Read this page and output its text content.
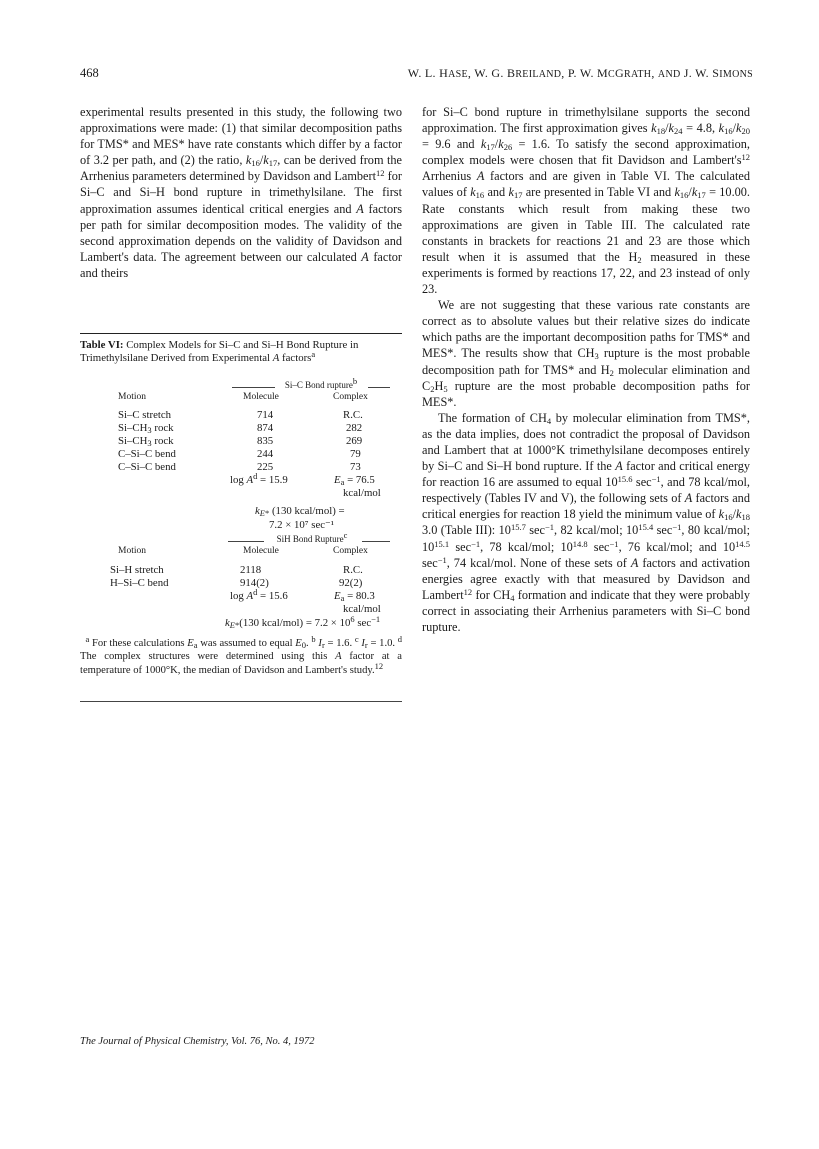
468	W. L. HASE, W. G. BREILAND, P. W. MCGRATH, AND J. W. SIMONS

experimental results presented in this study, the following two approximations were made: (1) that similar decomposition paths for TMS* and MES* have rate constants which differ by a factor of 3.2 per path, and (2) the ratio, $k_{16}/k_{17}$, can be derived from the Arrhenius parameters determined by Davidson and Lambert$^{12}$ for Si–C and Si–H bond rupture in trimethylsilane. The first approximation assumes identical critical energies and A factors per path for similar decomposition modes. The validity of the second approximation depends on the validity of Davidson and Lambert's data. The agreement between our calculated A factor and theirs

Table VI: Complex Models for Si–C and Si–H Bond Rupture in Trimethylsilane Derived from Experimental A factors$^a$
Si–C Bond rupture$^b$
Motion	Molecule	Complex
Si–C stretch	714	R.C.
$Si-CH_3$ rock	874	282
$Si-CH_3$ rock	835	269
C–Si–C bend	244	79
C–Si–C bend	225	73
$\log A^d = 15.9$	$E_a = 76.5$
kcal/mol
$k_{E*}$ (130 kcal/mol) =
7.2 × 10⁷ sec⁻¹
SiH Bond Rupture$^c$
Motion	Molecule	Complex
Si–H stretch	2118	R.C.
H–Si–C bend	914(2)	92(2)
$\log A^d = 15.6$	$E_a = 80.3$
kcal/mol
$k_{E*}(130$ kcal/mol) = $7.2 \times 10^6$ $\sec^{-1}$
$^a$ For these calculations $E_a$ was assumed to equal $E_0$. $^b$ $I_r = 1.6$. $^c$ $I_r = 1.0$. $^d$ The complex structures were determined using this A factor at a temperature of 1000°K, the median of Davidson and Lambert's study.$^{12}$

for Si–C bond rupture in trimethylsilane supports the second approximation. The first approximation gives $k_{18}/k_{24} = 4.8$, $k_{16}/k_{20} = 9.6$ and $k_{17}/k_{26} = 1.6$. To satisfy the second approximation, complex models were chosen that fit Davidson and $Lambert's^{12}$ Arrhenius A factors and are given in Table VI. The calculated values of $k_{16}$ and $k_{17}$ are presented in Table VI and $k_{16}/k_{17} = 10.00$. Rate constants which result from making these two approximations are given in Table III. The calculated rate constants in brackets for reactions 21 and 23 are those which result when it is assumed that the $H_2$ measured in these experiments is formed by reactions 17, 22, and 23 instead of only 23.

We are not suggesting that these various rate constants are correct as to absolute values but their relative sizes do indicate which paths are the important decomposition paths for TMS* and MES*. The results show that $CH_3$ rupture is the most probable decomposition path for TMS* and $H_2$ molecular elimination and $C_2H_5$ rupture are the most probable decomposition paths for MES*.

The formation of $CH_4$ by molecular elimination from TMS*, as the data implies, does not contradict the proposal of Davidson and Lambert that at 1000°K trimethylsilane decomposes entirely by Si–C and Si–H bond rupture. If the A factor and critical energy for reaction 16 are assumed to equal $10^{15.6}$ $\sec^{-1}$, and 78 kcal/mol, respectively (Tables IV and V), the following sets of A factors and critical energies for reaction 18 yield the minimum value of $k_{16}/k_{18}$ 3.0 (Table III): $10^{15.7}$ $\sec^{-1}$, 82 kcal/mol; $10^{15.4}$ $\sec^{-1}$, 80 kcal/mol; $10^{15.1}$ $\sec^{-1}$, 78 kcal/mol; $10^{14.8}$ $\sec^{-1}$, 76 kcal/mol; and $10^{14.5}$ $\sec^{-1}$, 74 kcal/mol. None of these sets of A factors and activation energies agree exactly with that measured by Davidson and Lambert$^{12}$ for $CH_4$ formation and indicate that they were probably correct in associating their Arrhenius parameters with Si–C bond rupture.

The Journal of Physical Chemistry, Vol. 76, No. 4, 1972
